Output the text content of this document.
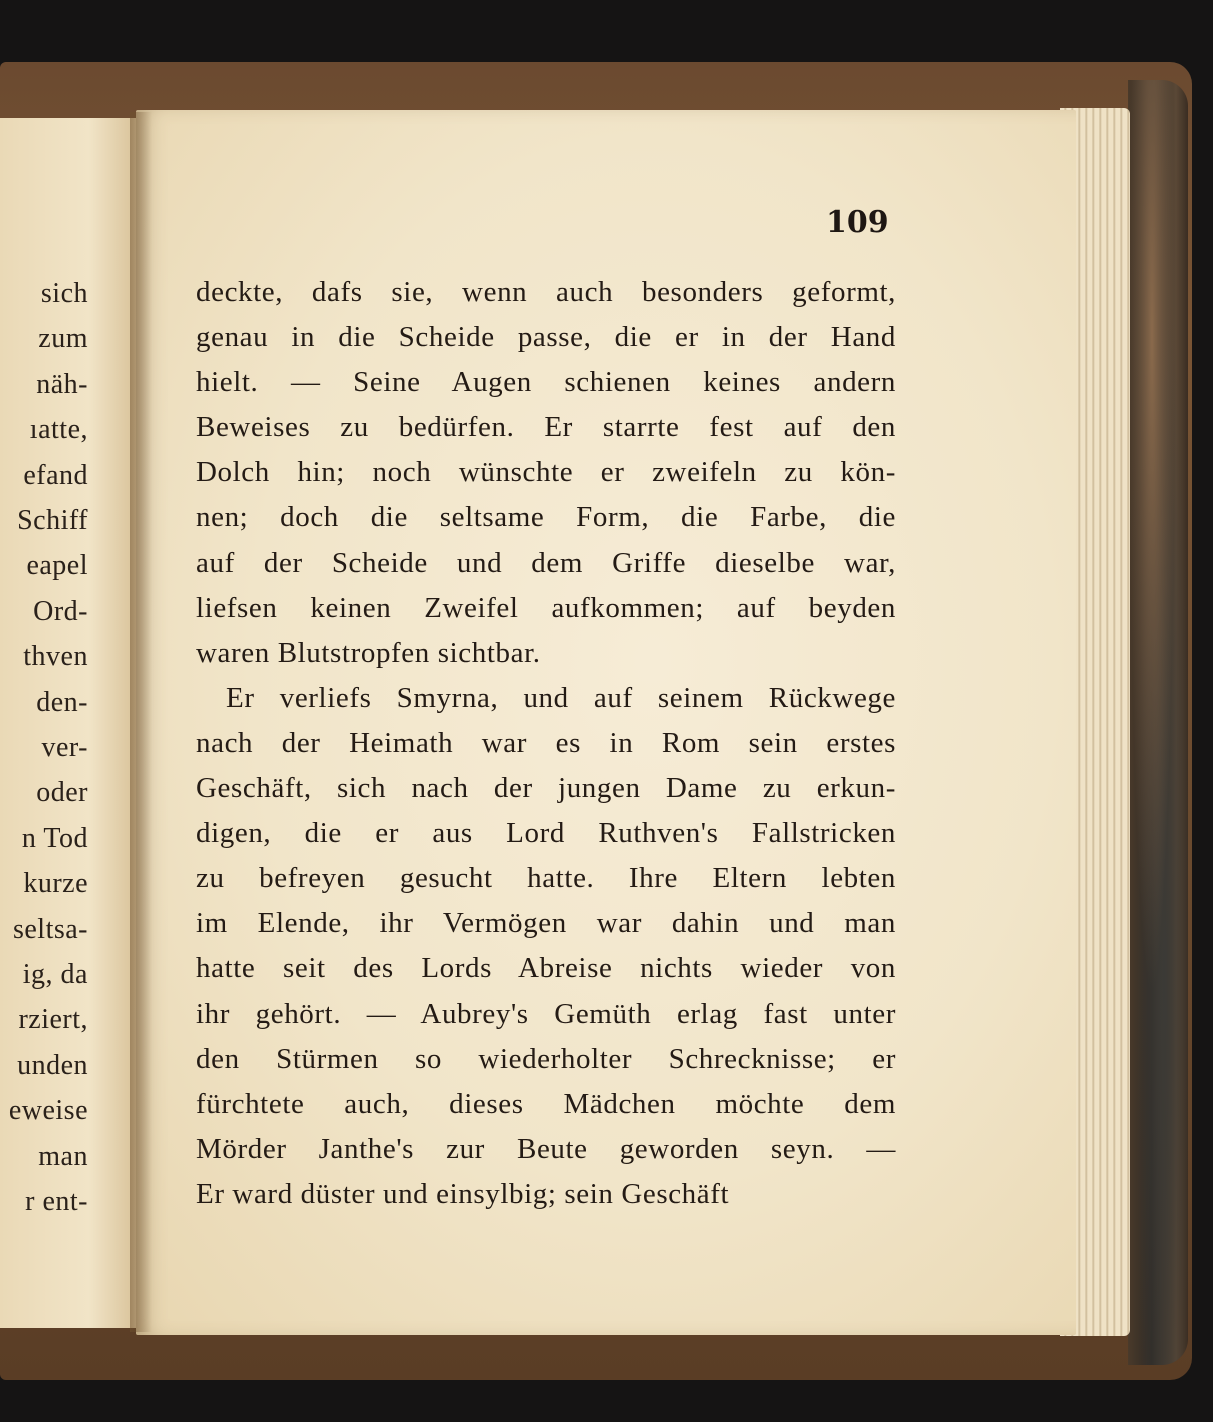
sich
zum
näh-
ıatte,
efand
Schiff
eapel
Ord-
thven
den-
ver-
oder
n Tod
kurze
seltsa-
ig, da
rziert,
unden
eweise
man
r ent-
109
deckte, dafs sie, wenn auch besonders geformt,
genau in die Scheide passe, die er in der Hand
hielt. — Seine Augen schienen keines andern
Beweises zu bedürfen. Er starrte fest auf den
Dolch hin; noch wünschte er zweifeln zu kön-
nen; doch die seltsame Form, die Farbe, die
auf der Scheide und dem Griffe dieselbe war,
liefsen keinen Zweifel aufkommen; auf beyden
waren Blutstropfen sichtbar.
Er verliefs Smyrna, und auf seinem Rückwege
nach der Heimath war es in Rom sein erstes
Geschäft, sich nach der jungen Dame zu erkun-
digen, die er aus Lord Ruthven's Fallstricken
zu befreyen gesucht hatte. Ihre Eltern lebten
im Elende, ihr Vermögen war dahin und man
hatte seit des Lords Abreise nichts wieder von
ihr gehört. — Aubrey's Gemüth erlag fast unter
den Stürmen so wiederholter Schrecknisse; er
fürchtete auch, dieses Mädchen möchte dem
Mörder Janthe's zur Beute geworden seyn. —
Er ward düster und einsylbig; sein Geschäft
